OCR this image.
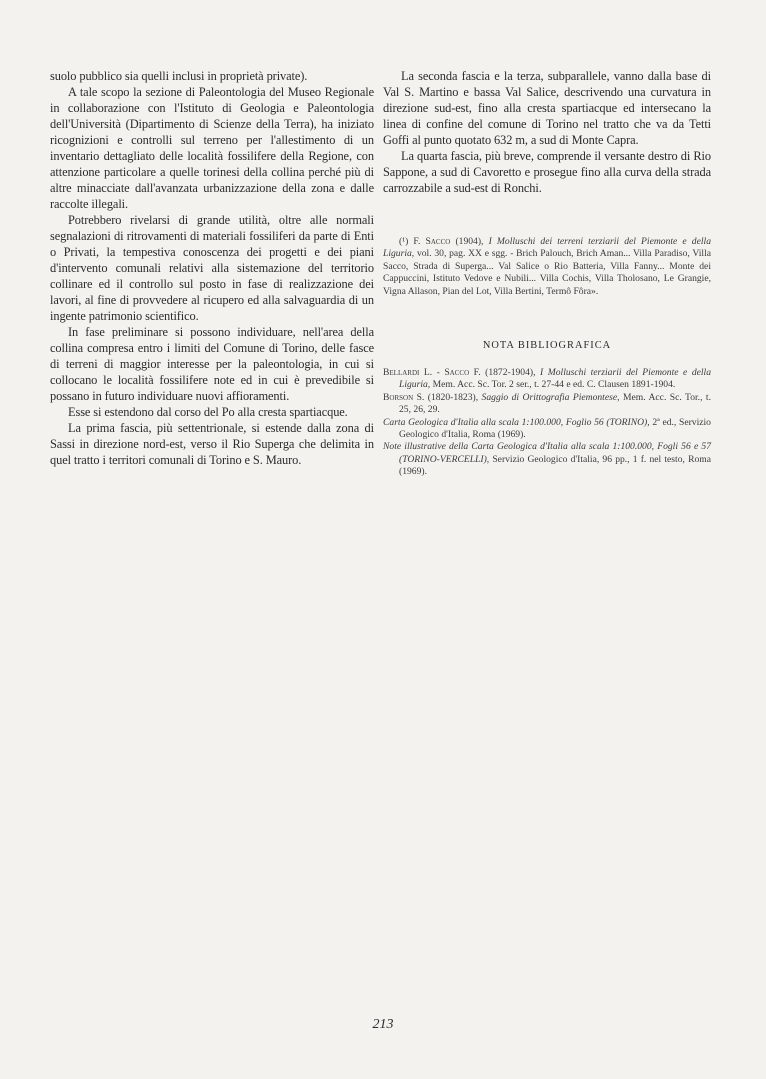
suolo pubblico sia quelli inclusi in proprietà private).

A tale scopo la sezione di Paleontologia del Museo Regionale in collaborazione con l'Istituto di Geologia e Paleontologia dell'Università (Dipartimento di Scienze della Terra), ha iniziato ricognizioni e controlli sul terreno per l'allestimento di un inventario dettagliato delle località fossilifere della Regione, con attenzione particolare a quelle torinesi della collina perché più di altre minacciate dall'avanzata urbanizzazione della zona e dalle raccolte illegali.

Potrebbero rivelarsi di grande utilità, oltre alle normali segnalazioni di ritrovamenti di materiali fossiliferi da parte di Enti o Privati, la tempestiva conoscenza dei progetti e dei piani d'intervento comunali relativi alla sistemazione del territorio collinare ed il controllo sul posto in fase di realizzazione dei lavori, al fine di provvedere al ricupero ed alla salvaguardia di un ingente patrimonio scientifico.

In fase preliminare si possono individuare, nell'area della collina compresa entro i limiti del Comune di Torino, delle fasce di terreni di maggior interesse per la paleontologia, in cui si collocano le località fossilifere note ed in cui è prevedibile si possano in futuro individuare nuovi affioramenti.

Esse si estendono dal corso del Po alla cresta spartiacque.

La prima fascia, più settentrionale, si estende dalla zona di Sassi in direzione nord-est, verso il Rio Superga che delimita in quel tratto i territori comunali di Torino e S. Mauro.

La seconda fascia e la terza, subparallele, vanno dalla base di Val S. Martino e bassa Val Salice, descrivendo una curvatura in direzione sud-est, fino alla cresta spartiacque ed intersecano la linea di confine del comune di Torino nel tratto che va da Tetti Goffi al punto quotato 632 m, a sud di Monte Capra.

La quarta fascia, più breve, comprende il versante destro di Rio Sappone, a sud di Cavoretto e prosegue fino alla curva della strada carrozzabile a sud-est di Ronchi.

(¹) F. Sacco (1904), I Molluschi dei terreni terziarii del Piemonte e della Liguria, vol. 30, pag. XX e sgg. - Brich Palouch, Brich Aman... Villa Paradiso, Villa Sacco, Strada di Superga... Val Salice o Rio Batteria, Villa Fanny... Monte dei Cappuccini, Istituto Vedove e Nubili... Villa Cochis, Villa Tholosano, Le Grangie, Vigna Allason, Pian del Lot, Villa Bertini, Termô Fôra».
NOTA BIBLIOGRAFICA
Bellardi L. - Sacco F. (1872-1904), I Molluschi terziarii del Piemonte e della Liguria, Mem. Acc. Sc. Tor. 2 ser., t. 27-44 e ed. C. Clausen 1891-1904.
Borson S. (1820-1823), Saggio di Orittografia Piemontese, Mem. Acc. Sc. Tor., t. 25, 26, 29.
Carta Geologica d'Italia alla scala 1:100.000, Foglio 56 (TORINO), 2ª ed., Servizio Geologico d'Italia, Roma (1969).
Note illustrative della Carta Geologica d'Italia alla scala 1:100.000, Fogli 56 e 57 (TORINO-VERCELLI), Servizio Geologico d'Italia, 96 pp., 1 f. nel testo, Roma (1969).
213
